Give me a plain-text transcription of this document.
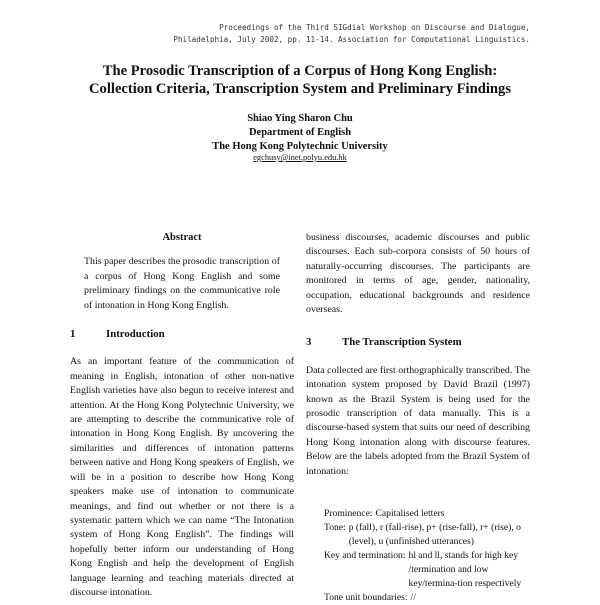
Proceedings of the Third SIGdial Workshop on Discourse and Dialogue,
Philadelphia, July 2002, pp. 11-14. Association for Computational Linguistics.
The Prosodic Transcription of a Corpus of Hong Kong English:
Collection Criteria, Transcription System and Preliminary Findings
Shiao Ying Sharon Chu
Department of English
The Hong Kong Polytechnic University
egchusy@inet.polyu.edu.hk
Abstract

This paper describes the prosodic transcription of a corpus of Hong Kong English and some preliminary findings on the communicative role of intonation in Hong Kong English.

1	Introduction

As an important feature of the communication of meaning in English, intonation of other non-native English varieties have also begun to receive interest and attention. At the Hong Kong Polytechnic University, we are attempting to describe the communicative role of intonation in Hong Kong English. By uncovering the similarities and differences of intonation patterns between native and Hong Kong speakers of English, we will be in a position to describe how Hong Kong speakers make use of intonation to communicate meanings, and find out whether or not there is a systematic pattern which we can name “The Intonation system of Hong Kong English”. The findings will hopefully better inform our understanding of Hong Kong English and help the development of English language learning and teaching materials directed at discourse intonation.

business discourses, academic discourses and public discourses. Each sub-corpora consists of 50 hours of naturally-occurring discourses. The participants are monitored in terms of age, gender, nationality, occupation, educational backgrounds and residence overseas.

3	The Transcription System

Data collected are first orthographically transcribed. The intonation system proposed by David Brazil (1997) known as the Brazil System is being used for the prosodic transcription of data manually. This is a discourse-based system that suits our need of describing Hong Kong intonation along with discourse features. Below are the labels adopted from the Brazil System of intonation:

Prominence: Capitalised letters
Tone: p (fall), r (fall-rise), p+ (rise-fall), r+ (rise), o (level), u (unfinished utterances)
Key and termination: hl and ll, stands for high key /termination and low key/termina-tion respectively
Tone unit boundaries: //
